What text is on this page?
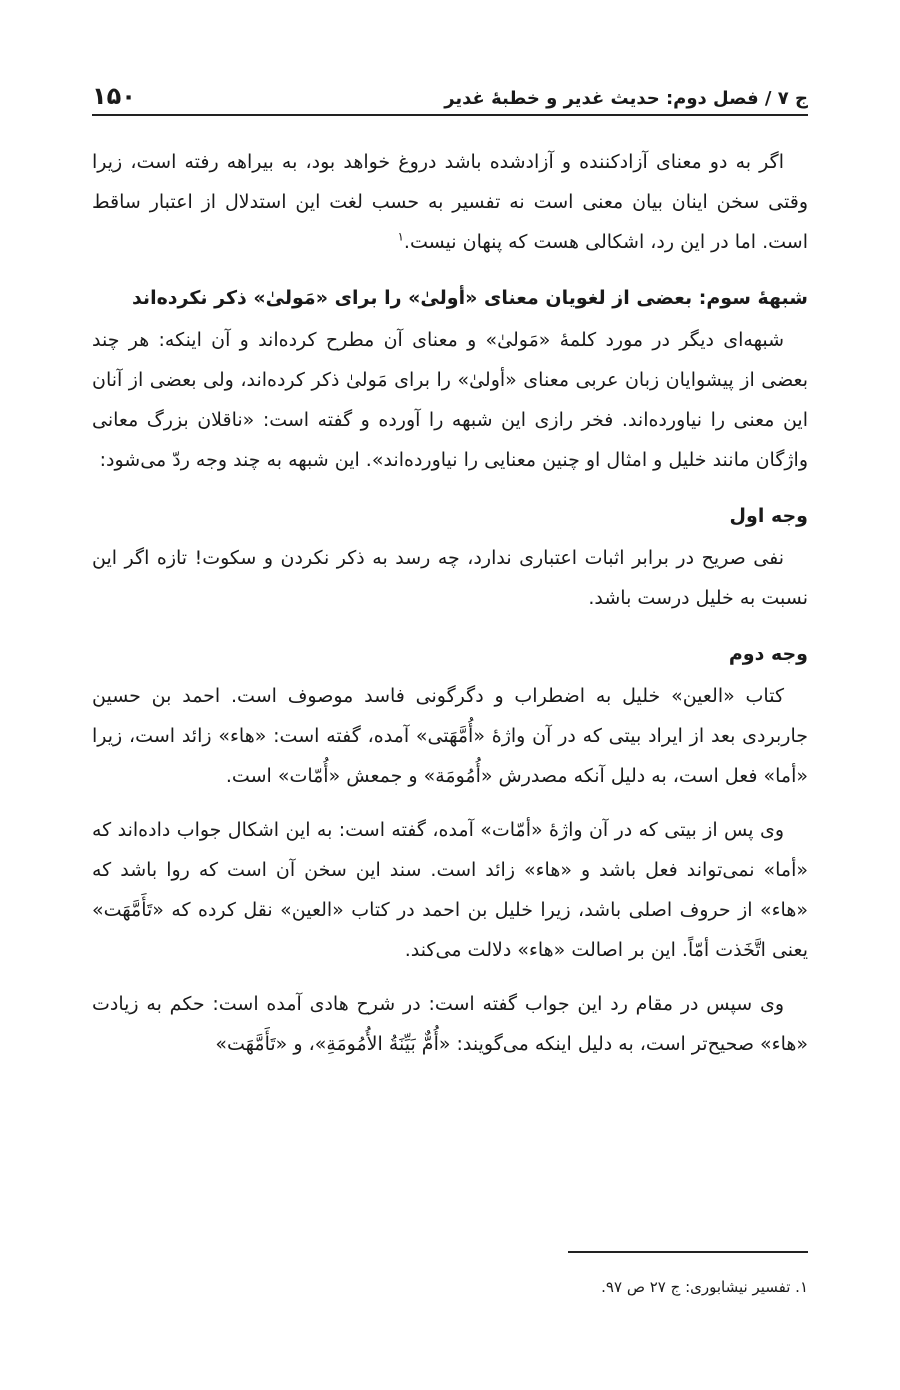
ج ۷ / فصل دوم: حدیث غدیر و خطبهٔ غدیر
۱۵۰

اگر به دو معنای آزادکننده و آزادشده باشد دروغ خواهد بود، به بیراهه رفته است، زیرا وقتی سخن اینان بیان معنی است نه تفسیر به حسب لغت این استدلال از اعتبار ساقط است. اما در این رد، اشکالی هست که پنهان نیست.$^۱$

شبههٔ سوم: بعضی از لغویان معنای «أولیٰ» را برای «مَولیٰ» ذکر نکرده‌اند

شبهه‌ای دیگر در مورد کلمهٔ «مَولیٰ» و معنای آن مطرح کرده‌اند و آن اینکه: هر چند بعضی از پیشوایان زبان عربی معنای «أولیٰ» را برای مَولیٰ ذکر کرده‌اند، ولی بعضی از آنان این معنی را نیاورده‌اند. فخر رازی این شبهه را آورده و گفته است: «ناقلان بزرگ معانی واژگان مانند خلیل و امثال او چنین معنایی را نیاورده‌اند». این شبهه به چند وجه ردّ می‌شود:

وجه اول

نفی صریح در برابر اثبات اعتباری ندارد، چه رسد به ذکر نکردن و سکوت! تازه اگر این نسبت به خلیل درست باشد.

وجه دوم

کتاب «العین» خلیل به اضطراب و دگرگونی فاسد موصوف است. احمد بن حسین جاربردی بعد از ایراد بیتی که در آن واژهٔ «أُمَّهَتی» آمده، گفته است: «هاء» زائد است، زیرا «أما» فعل است، به دلیل آنکه مصدرش «أُمُومَة» و جمعش «أُمّات» است.

وی پس از بیتی که در آن واژهٔ «أمّات» آمده، گفته است: به این اشکال جواب داده‌اند که «أما» نمی‌تواند فعل باشد و «هاء» زائد است. سند این سخن آن است که روا باشد که «هاء» از حروف اصلی باشد، زیرا خلیل بن احمد در کتاب «العین» نقل کرده که «تَأَمَّهَت» یعنی اتَّخَذت أمّاً. این بر اصالت «هاء» دلالت می‌کند.

وی سپس در مقام رد این جواب گفته است: در شرح هادی آمده است: حکم به زیادت «هاء» صحیح‌تر است، به دلیل اینکه می‌گویند: «أُمٌّ بَيِّنَةُ الأُمُومَةِ»، و «تَأَمَّهَت»

۱. تفسیر نیشابوری: ج ۲۷ ص ۹۷.
